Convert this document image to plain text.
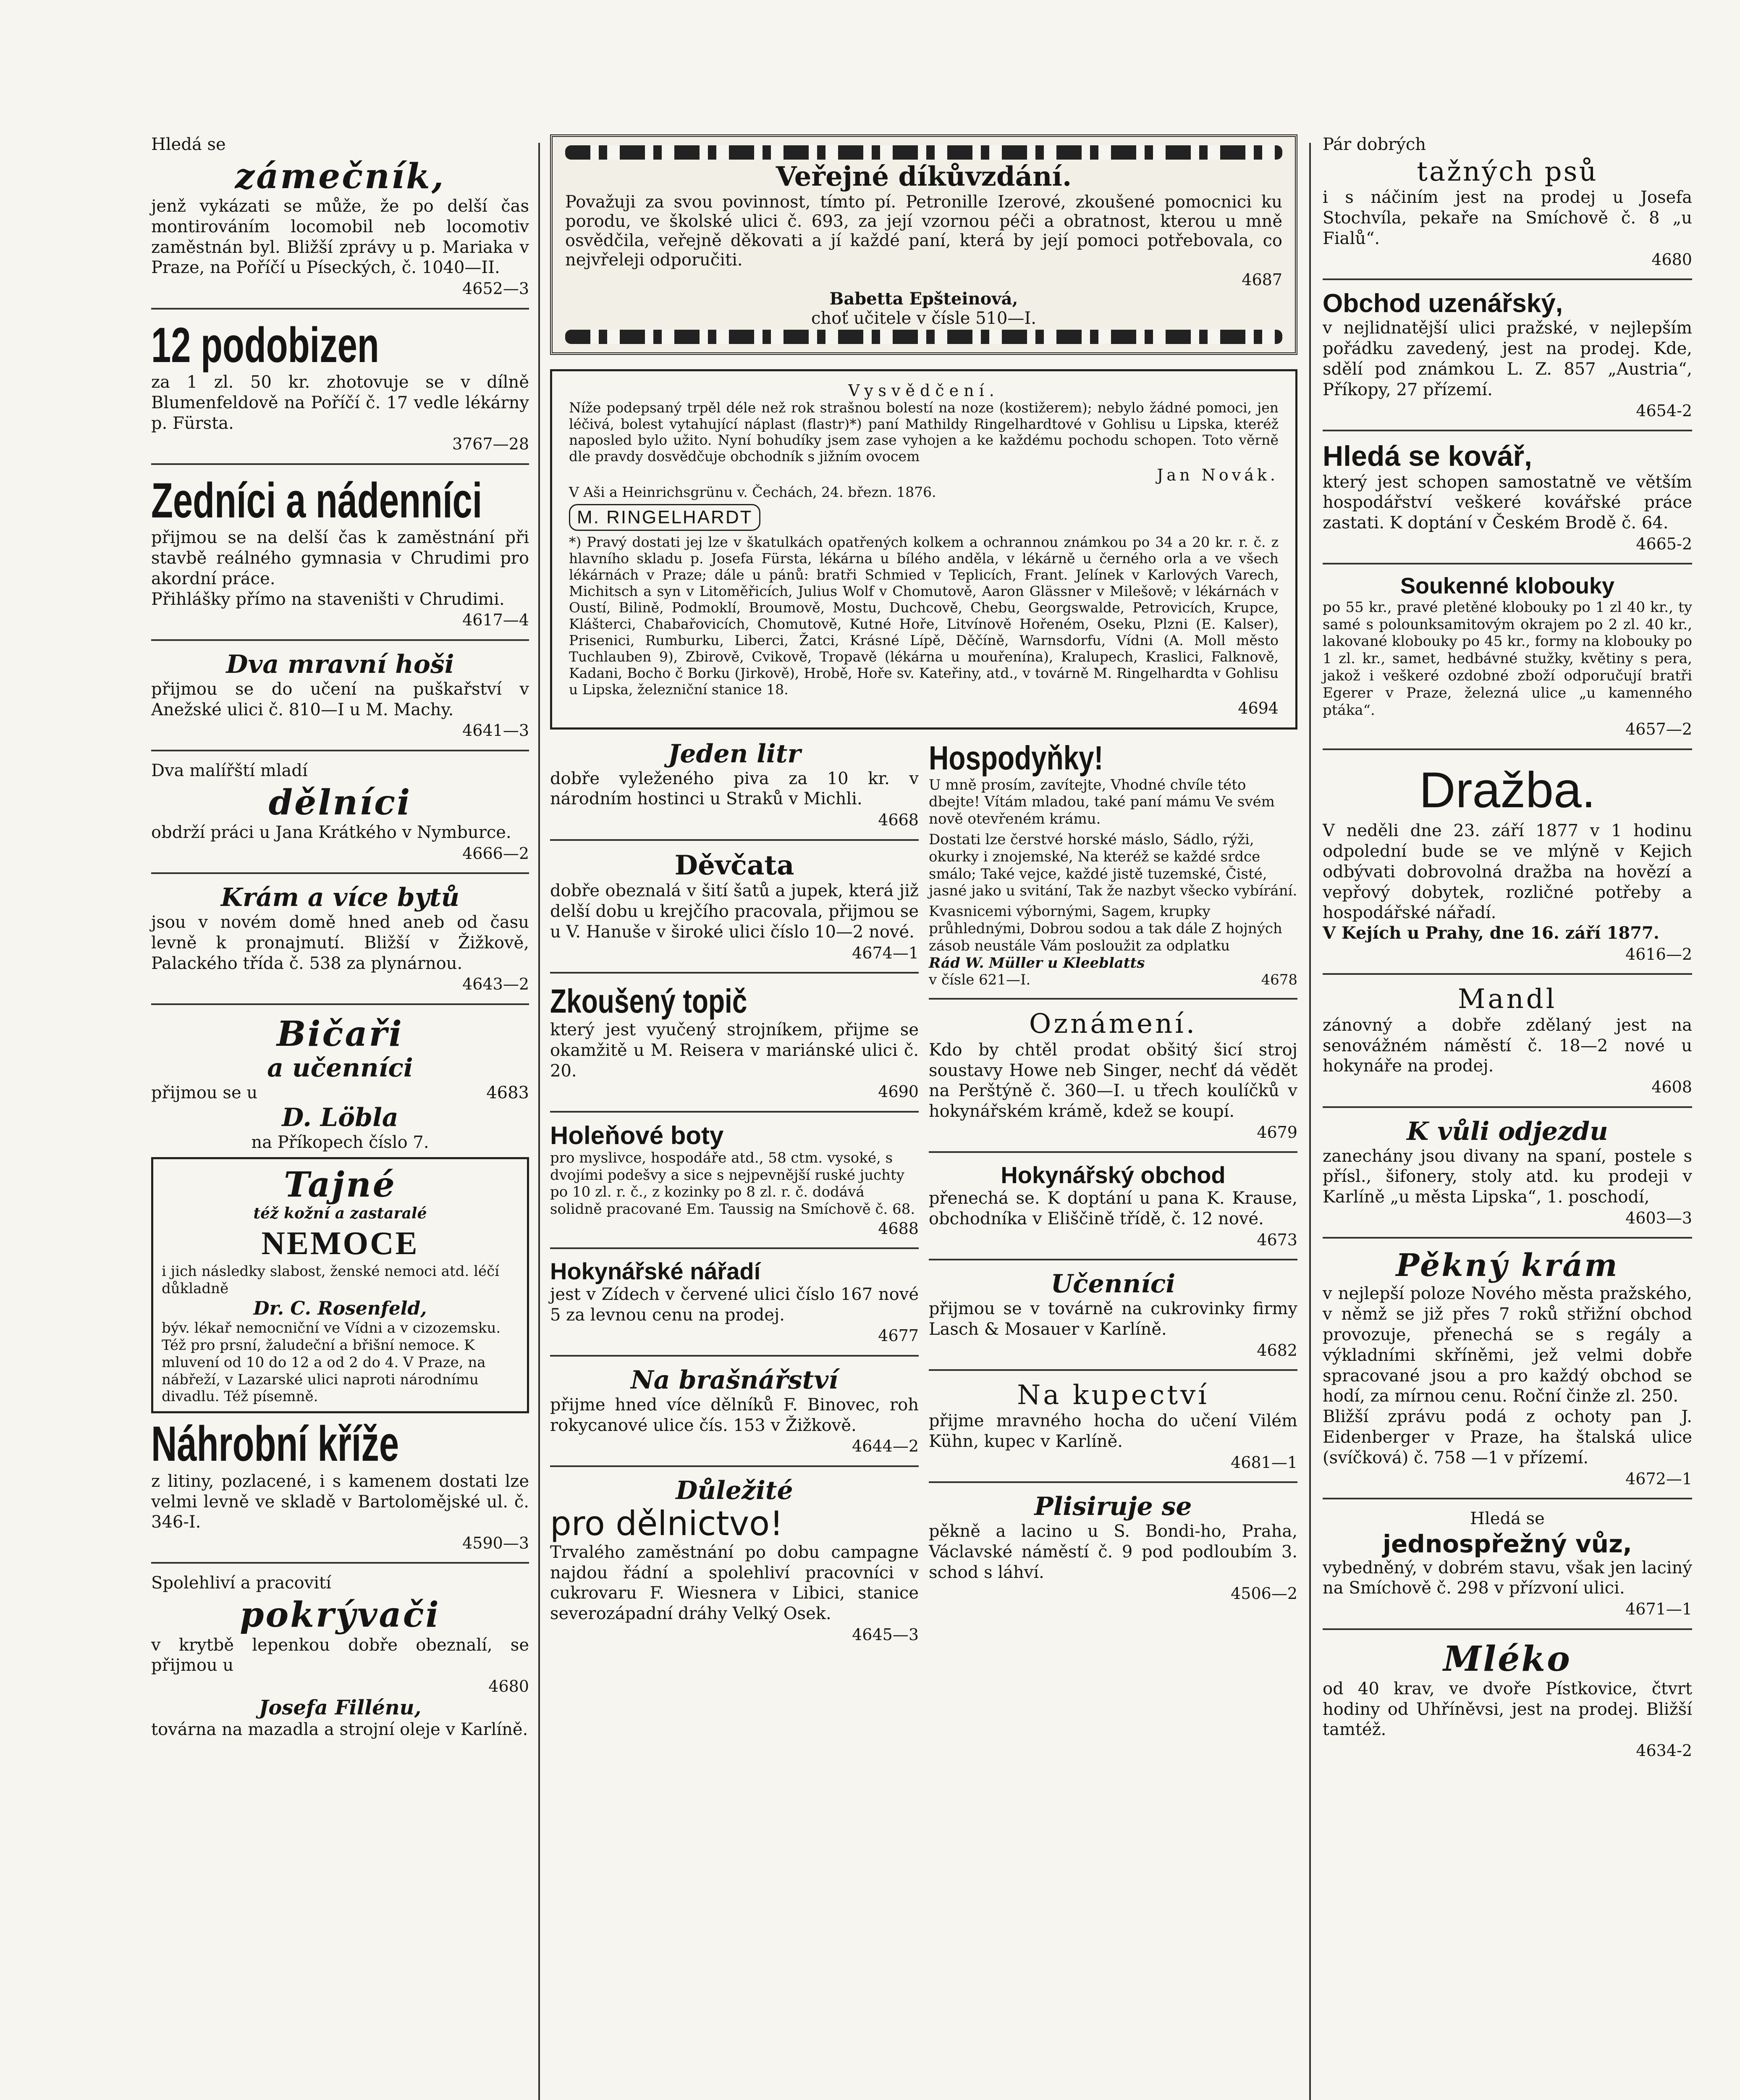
Hledá se
zámečník,

jenž vykázati se může, že po delší čas montirováním locomobil neb locomotiv zaměstnán byl. Bližší zprávy u p. Mariaka v Praze, na Poříčí u Píseckých, č. 1040—II.

4652—3
12 podobizen

za 1 zl. 50 kr. zhotovuje se v dílně Blumenfeldově na Poříčí č. 17 vedle lékárny p. Fürsta.

3767—28
Zedníci a nádenníci

přijmou se na delší čas k zaměstnání při stavbě reálného gymnasia v Chrudimi pro akordní práce.

Přihlášky přímo na staveništi v Chrudimi.

4617—4
Dva mravní hoši

přijmou se do učení na puškařství v Anežské ulici č. 810—I u M. Machy.

4641—3
Dva malířští mladí
dělníci

obdrží práci u Jana Krátkého v Nymburce.

4666—2
Krám a více bytů

jsou v novém domě hned aneb od času levně k pronajmutí. Bližší v Žižkově, Palackého třída č. 538 za plynárnou.

4643—2
Bičaři
a učenníci
přijmou se u	4683
D. Löbla
na Příkopech číslo 7.
Tajné
též kožní a zastaralé
NEMOCE

i jich následky slabost, ženské nemoci atd. léčí důkladně

Dr. C. Rosenfeld,

býv. lékař nemocniční ve Vídni a v cizozemsku. Též pro prsní, žaludeční a břišní nemoce. K mluvení od 10 do 12 a od 2 do 4. V Praze, na nábřeží, v Lazarské ulici naproti národnímu divadlu. Též písemně.

Náhrobní kříže

z litiny, pozlacené, i s kamenem dostati lze velmi levně ve skladě v Bartolomějské ul. č. 346-I.

4590—3
Spolehliví a pracovití
pokrývači

v krytbě lepenkou dobře obeznalí, se přijmou u

4680
Josefa Fillénu,

továrna na mazadla a strojní oleje v Karlíně.

Veřejné díkůvzdání.

Považuji za svou povinnost, tímto pí. Petronille Izerové, zkoušené pomocnici ku porodu, ve školské ulici č. 693, za její vzornou péči a obratnost, kterou u mně osvědčila, veřejně děkovati a jí každé paní, která by její pomoci potřebovala, co nejvřeleji odporučiti.

4687
Babetta Epšteinová,
choť učitele v čísle 510—I.
Vysvědčení.

Níže podepsaný trpěl déle než rok strašnou bolestí na noze (kostižerem); nebylo žádné pomoci, jen léčivá, bolest vytahující náplast (flastr)*) paní Mathildy Ringelhardtové v Gohlisu u Lipska, kteréž naposled bylo užito. Nyní bohudíky jsem zase vyhojen a ke každému pochodu schopen. Toto věrně dle pravdy dosvědčuje obchodník s jižním ovocem

Jan Novák.
V Aši a Heinrichsgrünu v. Čechách, 24. březn. 1876.
M. RINGELHARDT

*) Pravý dostati jej lze v škatulkách opatřených kolkem a ochrannou známkou po 34 a 20 kr. r. č. z hlavního skladu p. Josefa Fürsta, lékárna u bílého anděla, v lékárně u černého orla a ve všech lékárnách v Praze; dále u pánů: bratři Schmied v Teplicích, Frant. Jelínek v Karlových Varech, Michitsch a syn v Litoměřicích, Julius Wolf v Chomutově, Aaron Glässner v Milešově; v lékárnách v Oustí, Bilině, Podmoklí, Broumově, Mostu, Duchcově, Chebu, Georgswalde, Petrovicích, Krupce, Klášterci, Chabařovicích, Chomutově, Kutné Hoře, Litvínově Hořeném, Oseku, Plzni (E. Kalser), Prisenici, Rumburku, Liberci, Žatci, Krásné Lípě, Děčíně, Warnsdorfu, Vídni (A. Moll město Tuchlauben 9), Zbirově, Cvikově, Tropavě (lékárna u mouřenína), Kralupech, Kraslici, Falknově, Kadani, Bocho č Borku (Jirkově), Hrobě, Hoře sv. Kateřiny, atd., v továrně M. Ringelhardta v Gohlisu u Lipska, železniční stanice 18.

4694
Jeden litr

dobře vyleženého piva za 10 kr. v národním hostinci u Straků v Michli.

4668
Děvčata

dobře obeznalá v šití šatů a jupek, která již delší dobu u krejčího pracovala, přijmou se u V. Hanuše v široké ulici číslo 10—2 nové.

4674—1
Zkoušený topič

který jest vyučený strojníkem, přijme se okamžitě u M. Reisera v mariánské ulici č. 20.

4690
Holeňové boty

pro myslivce, hospodáře atd., 58 ctm. vysoké, s dvojími podešvy a sice s nejpevnější ruské juchty po 10 zl. r. č., z kozinky po 8 zl. r. č. dodává solidně pracované Em. Taussig na Smíchově č. 68.

4688
Hokynářské nářadí

jest v Zídech v červené ulici číslo 167 nové 5 za levnou cenu na prodej.

4677
Na brašnářství

přijme hned více dělníků F. Binovec, roh rokycanové ulice čís. 153 v Žižkově.

4644—2
Důležité
pro dělnictvo!

Trvalého zaměstnání po dobu campagne najdou řádní a spolehliví pracovníci v cukrovaru F. Wiesnera v Libici, stanice severozápadní dráhy Velký Osek.

4645—3
Hospodyňky!

U mně prosím, zavítejte, Vhodné chvíle této dbejte! Vítám mladou, také paní mámu Ve svém nově otevřeném krámu.

Dostati lze čerstvé horské máslo, Sádlo, rýži, okurky i znojemské, Na kteréž se každé srdce smálo; Také vejce, každé jistě tuzemské, Čisté, jasné jako u svitání, Tak že nazbyt všecko vybírání.

Kvasnicemi výbornými, Sagem, krupky průhlednými, Dobrou sodou a tak dále Z hojných zásob neustále Vám posloužit za odplatku

Rád W. Müller u Kleeblatts
v čísle 621—I.	4678
Oznámení.

Kdo by chtěl prodat obšitý šicí stroj soustavy Howe neb Singer, nechť dá vědět na Perštýně č. 360—I. u třech koulíčků v hokynářském krámě, kdež se koupí.

4679
Hokynářský obchod

přenechá se. K doptání u pana K. Krause, obchodníka v Eliščině třídě, č. 12 nové.

4673
Učenníci

přijmou se v továrně na cukrovinky firmy Lasch & Mosauer v Karlíně.

4682
Na kupectví

přijme mravného hocha do učení Vilém Kühn, kupec v Karlíně.

4681—1
Plisiruje se

pěkně a lacino u S. Bondi-ho, Praha, Václavské náměstí č. 9 pod podloubím 3. schod s láhví.

4506—2
Pár dobrých
tažných psů

i s náčiním jest na prodej u Josefa Stochvíla, pekaře na Smíchově č. 8 „u Fialů“.

4680
Obchod uzenářský,

v nejlidnatější ulici pražské, v nejlepším pořádku zavedený, jest na prodej. Kde, sdělí pod známkou L. Z. 857 „Austria“, Příkopy, 27 přízemí.

4654-2
Hledá se kovář,

který jest schopen samostatně ve větším hospodářství veškeré kovářské práce zastati. K doptání v Českém Brodě č. 64.

4665-2
Soukenné klobouky

po 55 kr., pravé pletěné klobouky po 1 zl 40 kr., ty samé s polounksamitovým okrajem po 2 zl. 40 kr., lakované klobouky po 45 kr., formy na klobouky po 1 zl. kr., samet, hedbávné stužky, květiny s pera, jakož i veškeré ozdobné zboží odporučují bratři Egerer v Praze, železná ulice „u kamenného ptáka“.

4657—2
Dražba.

V neděli dne 23. září 1877 v 1 hodinu odpolední bude se ve mlýně v Kejich odbývati dobrovolná dražba na hovězí a vepřový dobytek, rozličné potřeby a hospodářské nářadí.

V Kejích u Prahy, dne 16. září 1877.
4616—2
Mandl

zánovný a dobře zdělaný jest na senovážném náměstí č. 18—2 nové u hokynáře na prodej.

4608
K vůli odjezdu

zanechány jsou divany na spaní, postele s přísl., šifonery, stoly atd. ku prodeji v Karlíně „u města Lipska“, 1. poschodí,

4603—3
Pěkný krám

v nejlepší poloze Nového města pražského, v němž se již přes 7 roků střižní obchod provozuje, přenechá se s regály a výkladními skříněmi, jež velmi dobře spracované jsou a pro každý obchod se hodí, za mírnou cenu. Roční činže zl. 250.

Bližší zprávu podá z ochoty pan J. Eidenberger v Praze, ha štalská ulice (svíčková) č. 758 —1 v přízemí.

4672—1
Hledá se
jednospřežný vůz,

vybedněný, v dobrém stavu, však jen laciný na Smíchově č. 298 v přízvoní ulici.

4671—1
Mléko

od 40 krav, ve dvoře Pístkovice, čtvrt hodiny od Uhříněvsi, jest na prodej. Bližší tamtéž.

4634-2
